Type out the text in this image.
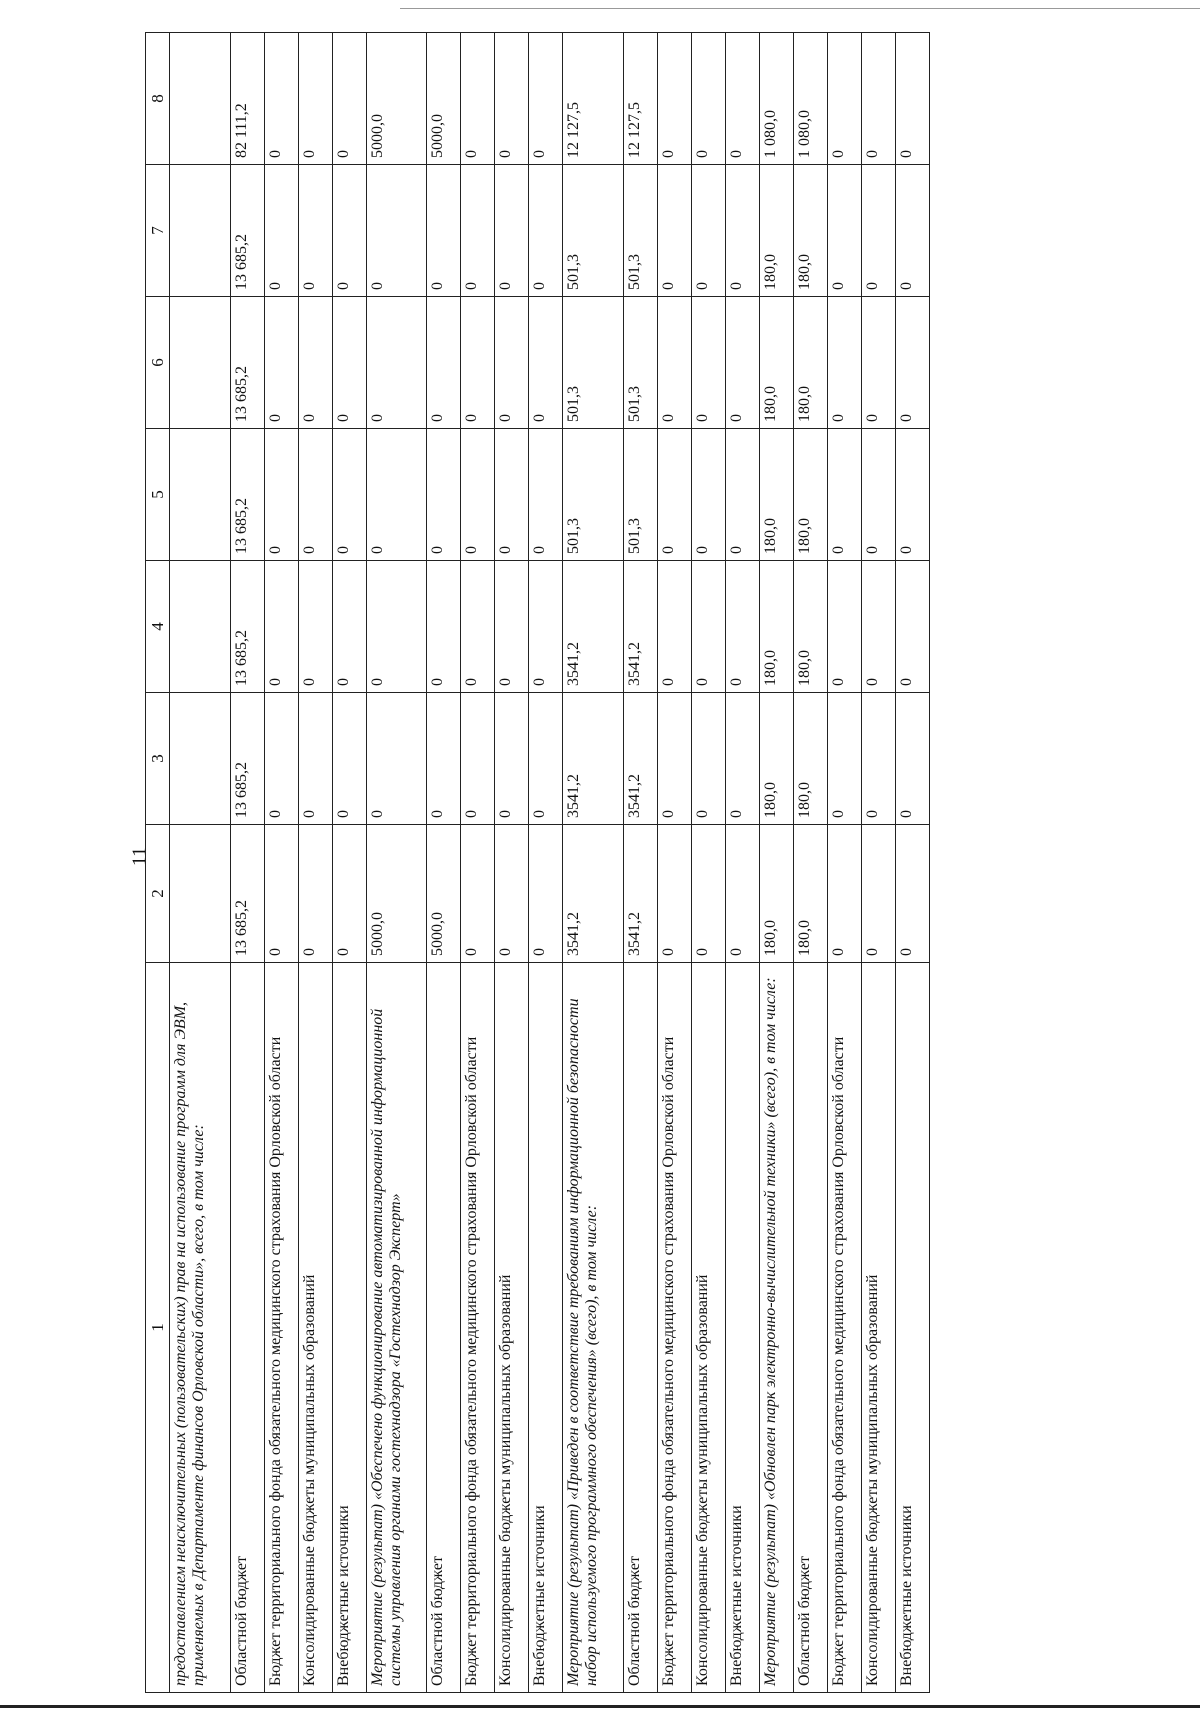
11
1	2	3	4	5	6	7	8
предоставлением неисключительных (пользовательских) прав на использование программ для ЭВМ, применяемых в Департаменте финансов Орловской области», всего, в том числе:							
Областной бюджет	13 685,2	13 685,2	13 685,2	13 685,2	13 685,2	13 685,2	82 111,2
Бюджет территориального фонда обязательного медицинского страхования Орловской области	0	0	0	0	0	0	0
Консолидированные бюджеты муниципальных образований	0	0	0	0	0	0	0
Внебюджетные источники	0	0	0	0	0	0	0
Мероприятие (результат) «Обеспечено функционирование автоматизированной информационной системы управления органами гостехнадзора «Гостехнадзор Эксперт»	5000,0	0	0	0	0	0	5000,0
Областной бюджет	5000,0	0	0	0	0	0	5000,0
Бюджет территориального фонда обязательного медицинского страхования Орловской области	0	0	0	0	0	0	0
Консолидированные бюджеты муниципальных образований	0	0	0	0	0	0	0
Внебюджетные источники	0	0	0	0	0	0	0
Мероприятие (результат) «Приведен в соответствие требованиям информационной безопасности набор используемого программного обеспечения» (всего), в том числе:	3541,2	3541,2	3541,2	501,3	501,3	501,3	12 127,5
Областной бюджет	3541,2	3541,2	3541,2	501,3	501,3	501,3	12 127,5
Бюджет территориального фонда обязательного медицинского страхования Орловской области	0	0	0	0	0	0	0
Консолидированные бюджеты муниципальных образований	0	0	0	0	0	0	0
Внебюджетные источники	0	0	0	0	0	0	0
Мероприятие (результат) «Обновлен парк электронно-вычислительной техники» (всего), в том числе:	180,0	180,0	180,0	180,0	180,0	180,0	1 080,0
Областной бюджет	180,0	180,0	180,0	180,0	180,0	180,0	1 080,0
Бюджет территориального фонда обязательного медицинского страхования Орловской области	0	0	0	0	0	0	0
Консолидированные бюджеты муниципальных образований	0	0	0	0	0	0	0
Внебюджетные источники	0	0	0	0	0	0	0
